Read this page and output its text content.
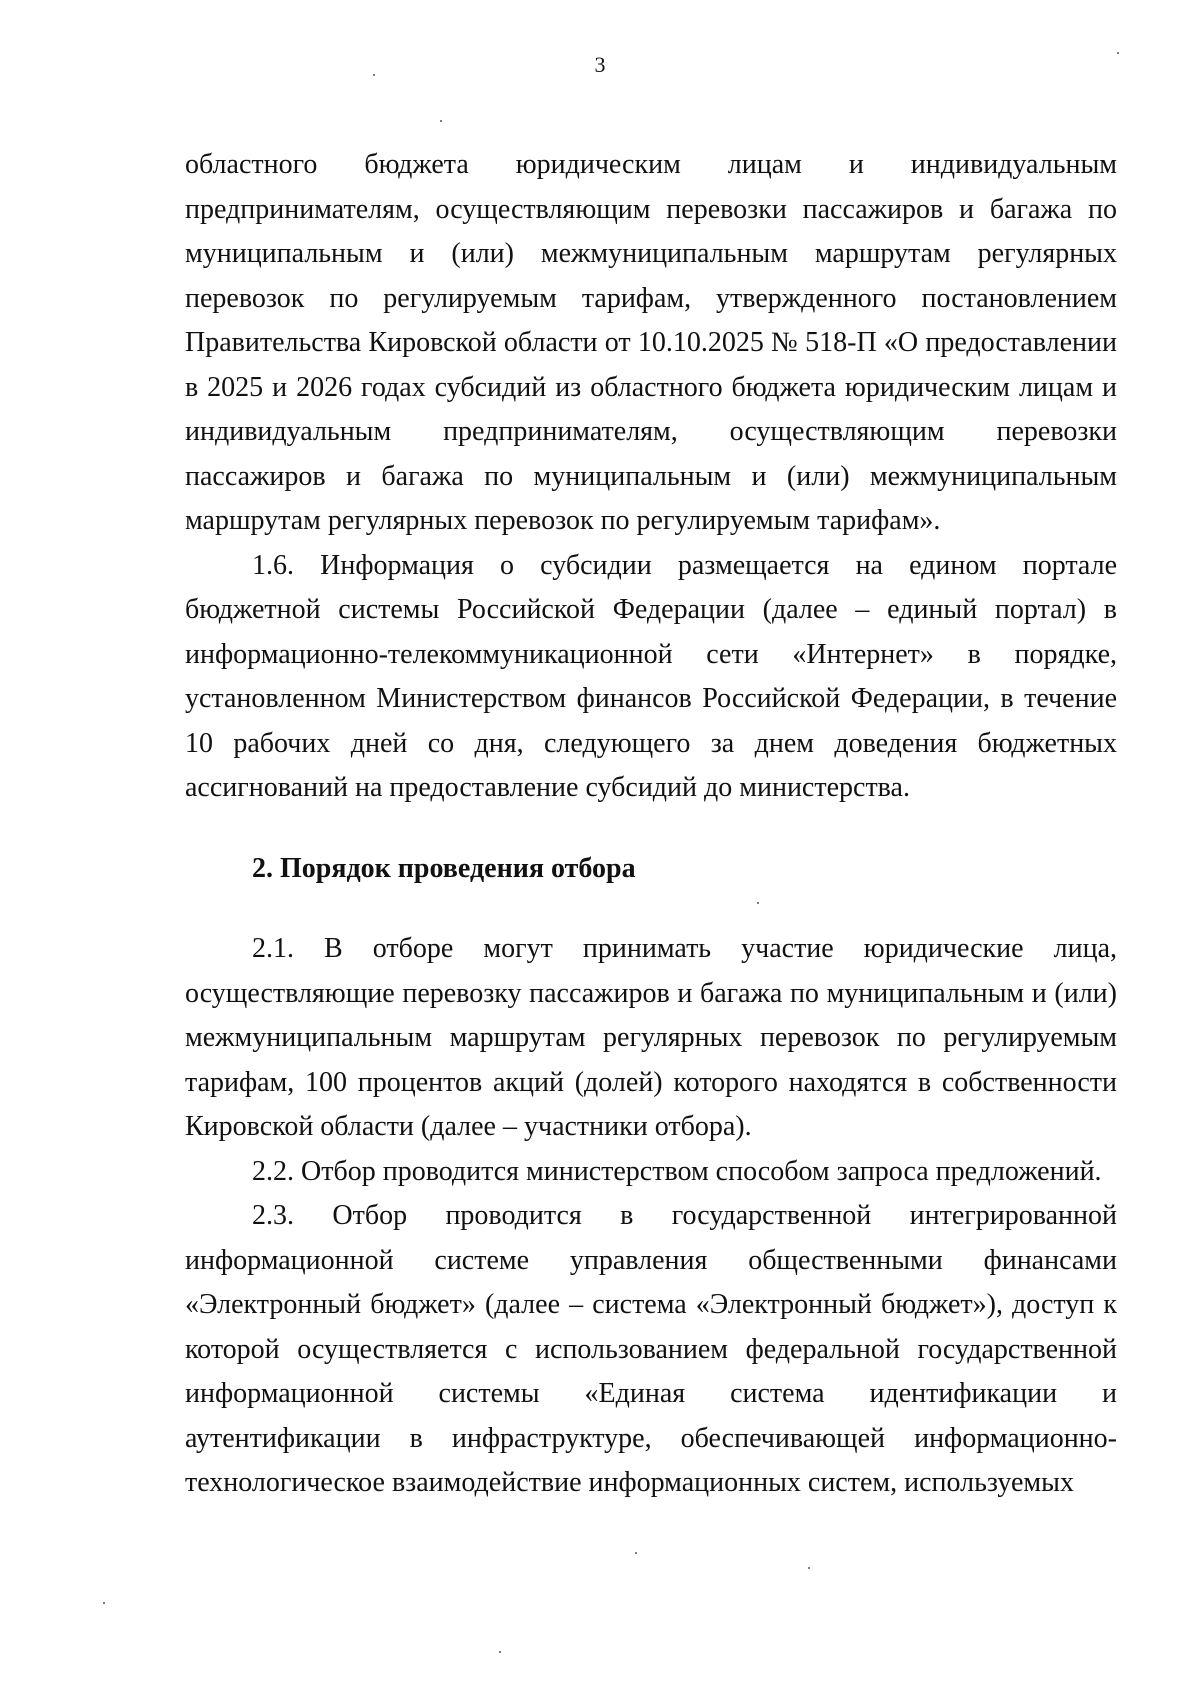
3

областного бюджета юридическим лицам и индивидуальным предпринимателям, осуществляющим перевозки пассажиров и багажа по муниципальным и (или) межмуниципальным маршрутам регулярных перевозок по регулируемым тарифам, утвержденного постановлением Правительства Кировской области от 10.10.2025 № 518-П «О предоставлении в 2025 и 2026 годах субсидий из областного бюджета юридическим лицам и индивидуальным предпринимателям, осуществляющим перевозки пассажиров и багажа по муниципальным и (или) межмуниципальным маршрутам регулярных перевозок по регулируемым тарифам».

1.6. Информация о субсидии размещается на едином портале бюджетной системы Российской Федерации (далее – единый портал) в информационно-телекоммуникационной сети «Интернет» в порядке, установленном Министерством финансов Российской Федерации, в течение 10 рабочих дней со дня, следующего за днем доведения бюджетных ассигнований на предоставление субсидий до министерства.

2. Порядок проведения отбора

2.1. В отборе могут принимать участие юридические лица, осуществляющие перевозку пассажиров и багажа по муниципальным и (или) межмуниципальным маршрутам регулярных перевозок по регулируемым тарифам, 100 процентов акций (долей) которого находятся в собственности Кировской области (далее – участники отбора).

2.2. Отбор проводится министерством способом запроса предложений.

2.3. Отбор проводится в государственной интегрированной информационной системе управления общественными финансами «Электронный бюджет» (далее – система «Электронный бюджет»), доступ к которой осуществляется с использованием федеральной государственной информационной системы «Единая система идентификации и аутентификации в инфраструктуре, обеспечивающей информационно-технологическое взаимодействие информационных систем, используемых
